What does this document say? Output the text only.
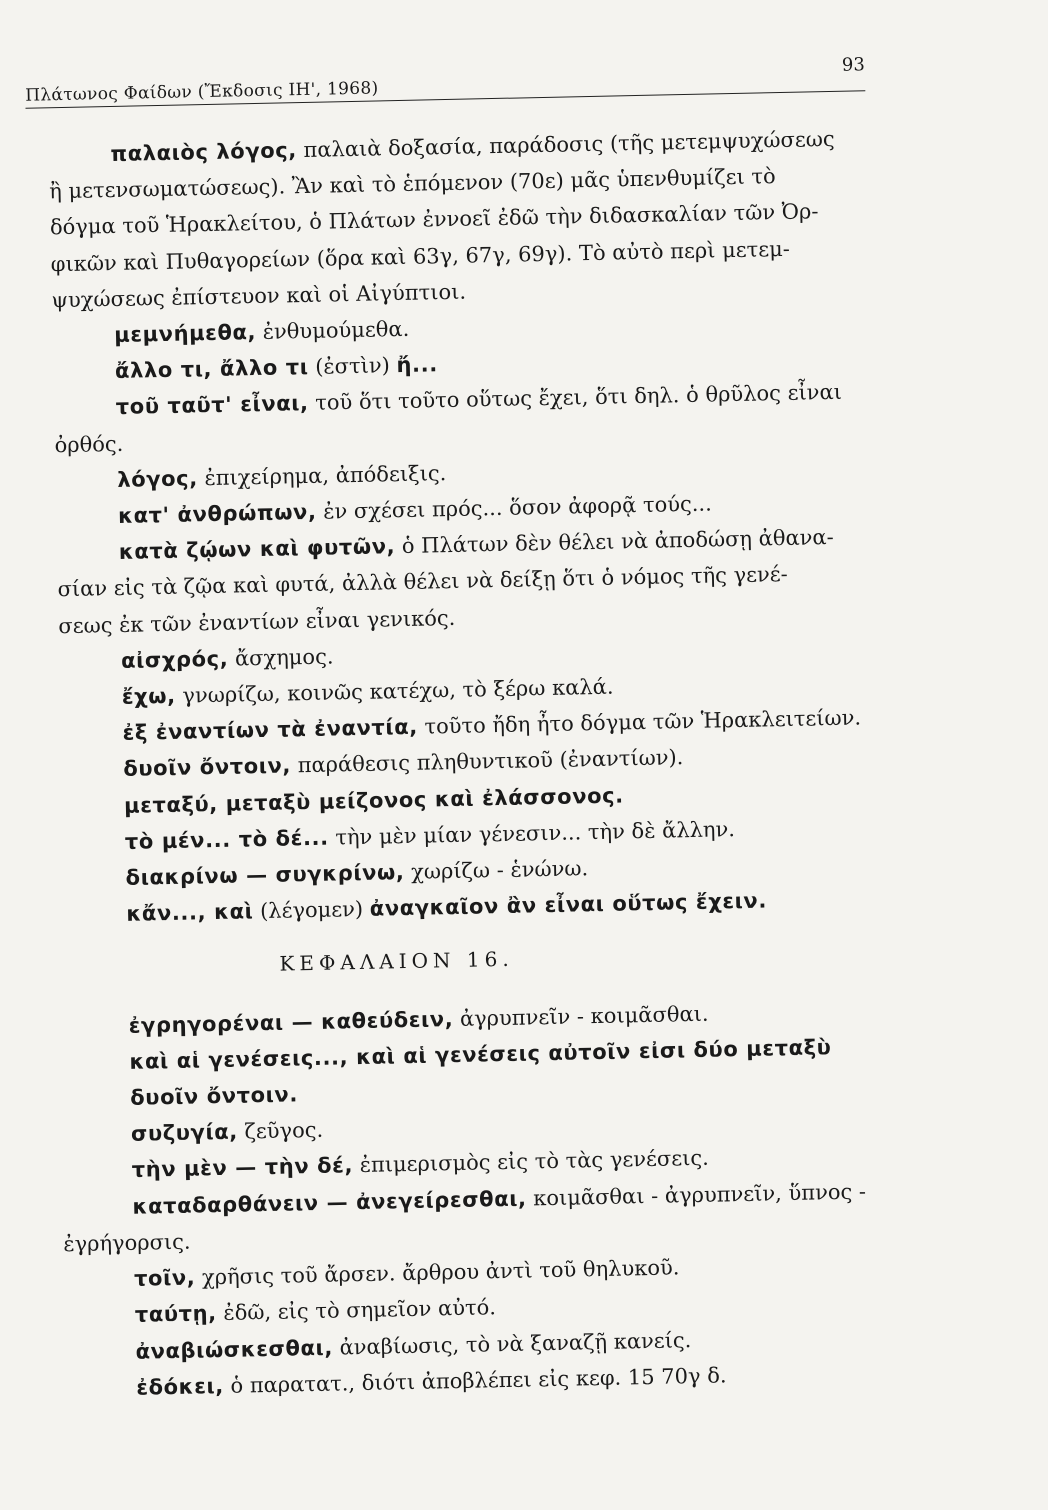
Πλάτωνος Φαίδων (Ἔκδοσις ΙΗ', 1968)
93
παλαιὸς λόγος, παλαιὰ δοξασία, παράδοσις (τῆς μετεμψυχώσεως
ἢ μετενσωματώσεως). Ἂν καὶ τὸ ἑπόμενον (70ε) μᾶς ὑπενθυμίζει τὸ
δόγμα τοῦ Ἡρακλείτου, ὁ Πλάτων ἐννοεῖ ἐδῶ τὴν διδασκαλίαν τῶν Ὀρ-
φικῶν καὶ Πυθαγορείων (ὅρα καὶ 63γ, 67γ, 69γ). Τὸ αὐτὸ περὶ μετεμ-
ψυχώσεως ἐπίστευον καὶ οἱ Αἰγύπτιοι.
μεμνήμεθα, ἐνθυμούμεθα.
ἄλλο τι, ἄλλο τι (ἐστὶν) ἤ...
τοῦ ταῦτ' εἶναι, τοῦ ὅτι τοῦτο οὕτως ἔχει, ὅτι δηλ. ὁ θρῦλος εἶναι
ὀρθός.
λόγος, ἐπιχείρημα, ἀπόδειξις.
κατ' ἀνθρώπων, ἐν σχέσει πρός... ὅσον ἀφορᾷ τούς...
κατὰ ζῴων καὶ φυτῶν, ὁ Πλάτων δὲν θέλει νὰ ἀποδώσῃ ἀθανα-
σίαν εἰς τὰ ζῷα καὶ φυτά, ἀλλὰ θέλει νὰ δείξῃ ὅτι ὁ νόμος τῆς γενέ-
σεως ἐκ τῶν ἐναντίων εἶναι γενικός.
αἰσχρός, ἄσχημος.
ἔχω, γνωρίζω, κοινῶς κατέχω, τὸ ξέρω καλά.
ἐξ ἐναντίων τὰ ἐναντία, τοῦτο ἤδη ἦτο δόγμα τῶν Ἡρακλειτείων.
δυοῖν ὄντοιν, παράθεσις πληθυντικοῦ (ἐναντίων).
μεταξύ, μεταξὺ μείζονος καὶ ἐλάσσονος.
τὸ μέν... τὸ δέ... τὴν μὲν μίαν γένεσιν... τὴν δὲ ἄλλην.
διακρίνω — συγκρίνω, χωρίζω - ἑνώνω.
κἄν..., καὶ (λέγομεν) ἀναγκαῖον ἂν εἶναι οὕτως ἔχειν.
ΚΕΦΑΛΑΙΟΝ 16.
ἐγρηγορέναι — καθεύδειν, ἀγρυπνεῖν - κοιμᾶσθαι.
καὶ αἱ γενέσεις..., καὶ αἱ γενέσεις αὐτοῖν εἰσι δύο μεταξὺ
δυοῖν ὄντοιν.
συζυγία, ζεῦγος.
τὴν μὲν — τὴν δέ, ἐπιμερισμὸς εἰς τὸ τὰς γενέσεις.
καταδαρθάνειν — ἀνεγείρεσθαι, κοιμᾶσθαι - ἀγρυπνεῖν, ὕπνος -
ἐγρήγορσις.
τοῖν, χρῆσις τοῦ ἄρσεν. ἄρθρου ἀντὶ τοῦ θηλυκοῦ.
ταύτῃ, ἐδῶ, εἰς τὸ σημεῖον αὐτό.
ἀναβιώσκεσθαι, ἀναβίωσις, τὸ νὰ ξαναζῇ κανείς.
ἐδόκει, ὁ παρατατ., διότι ἀποβλέπει εἰς κεφ. 15 70γ δ.
